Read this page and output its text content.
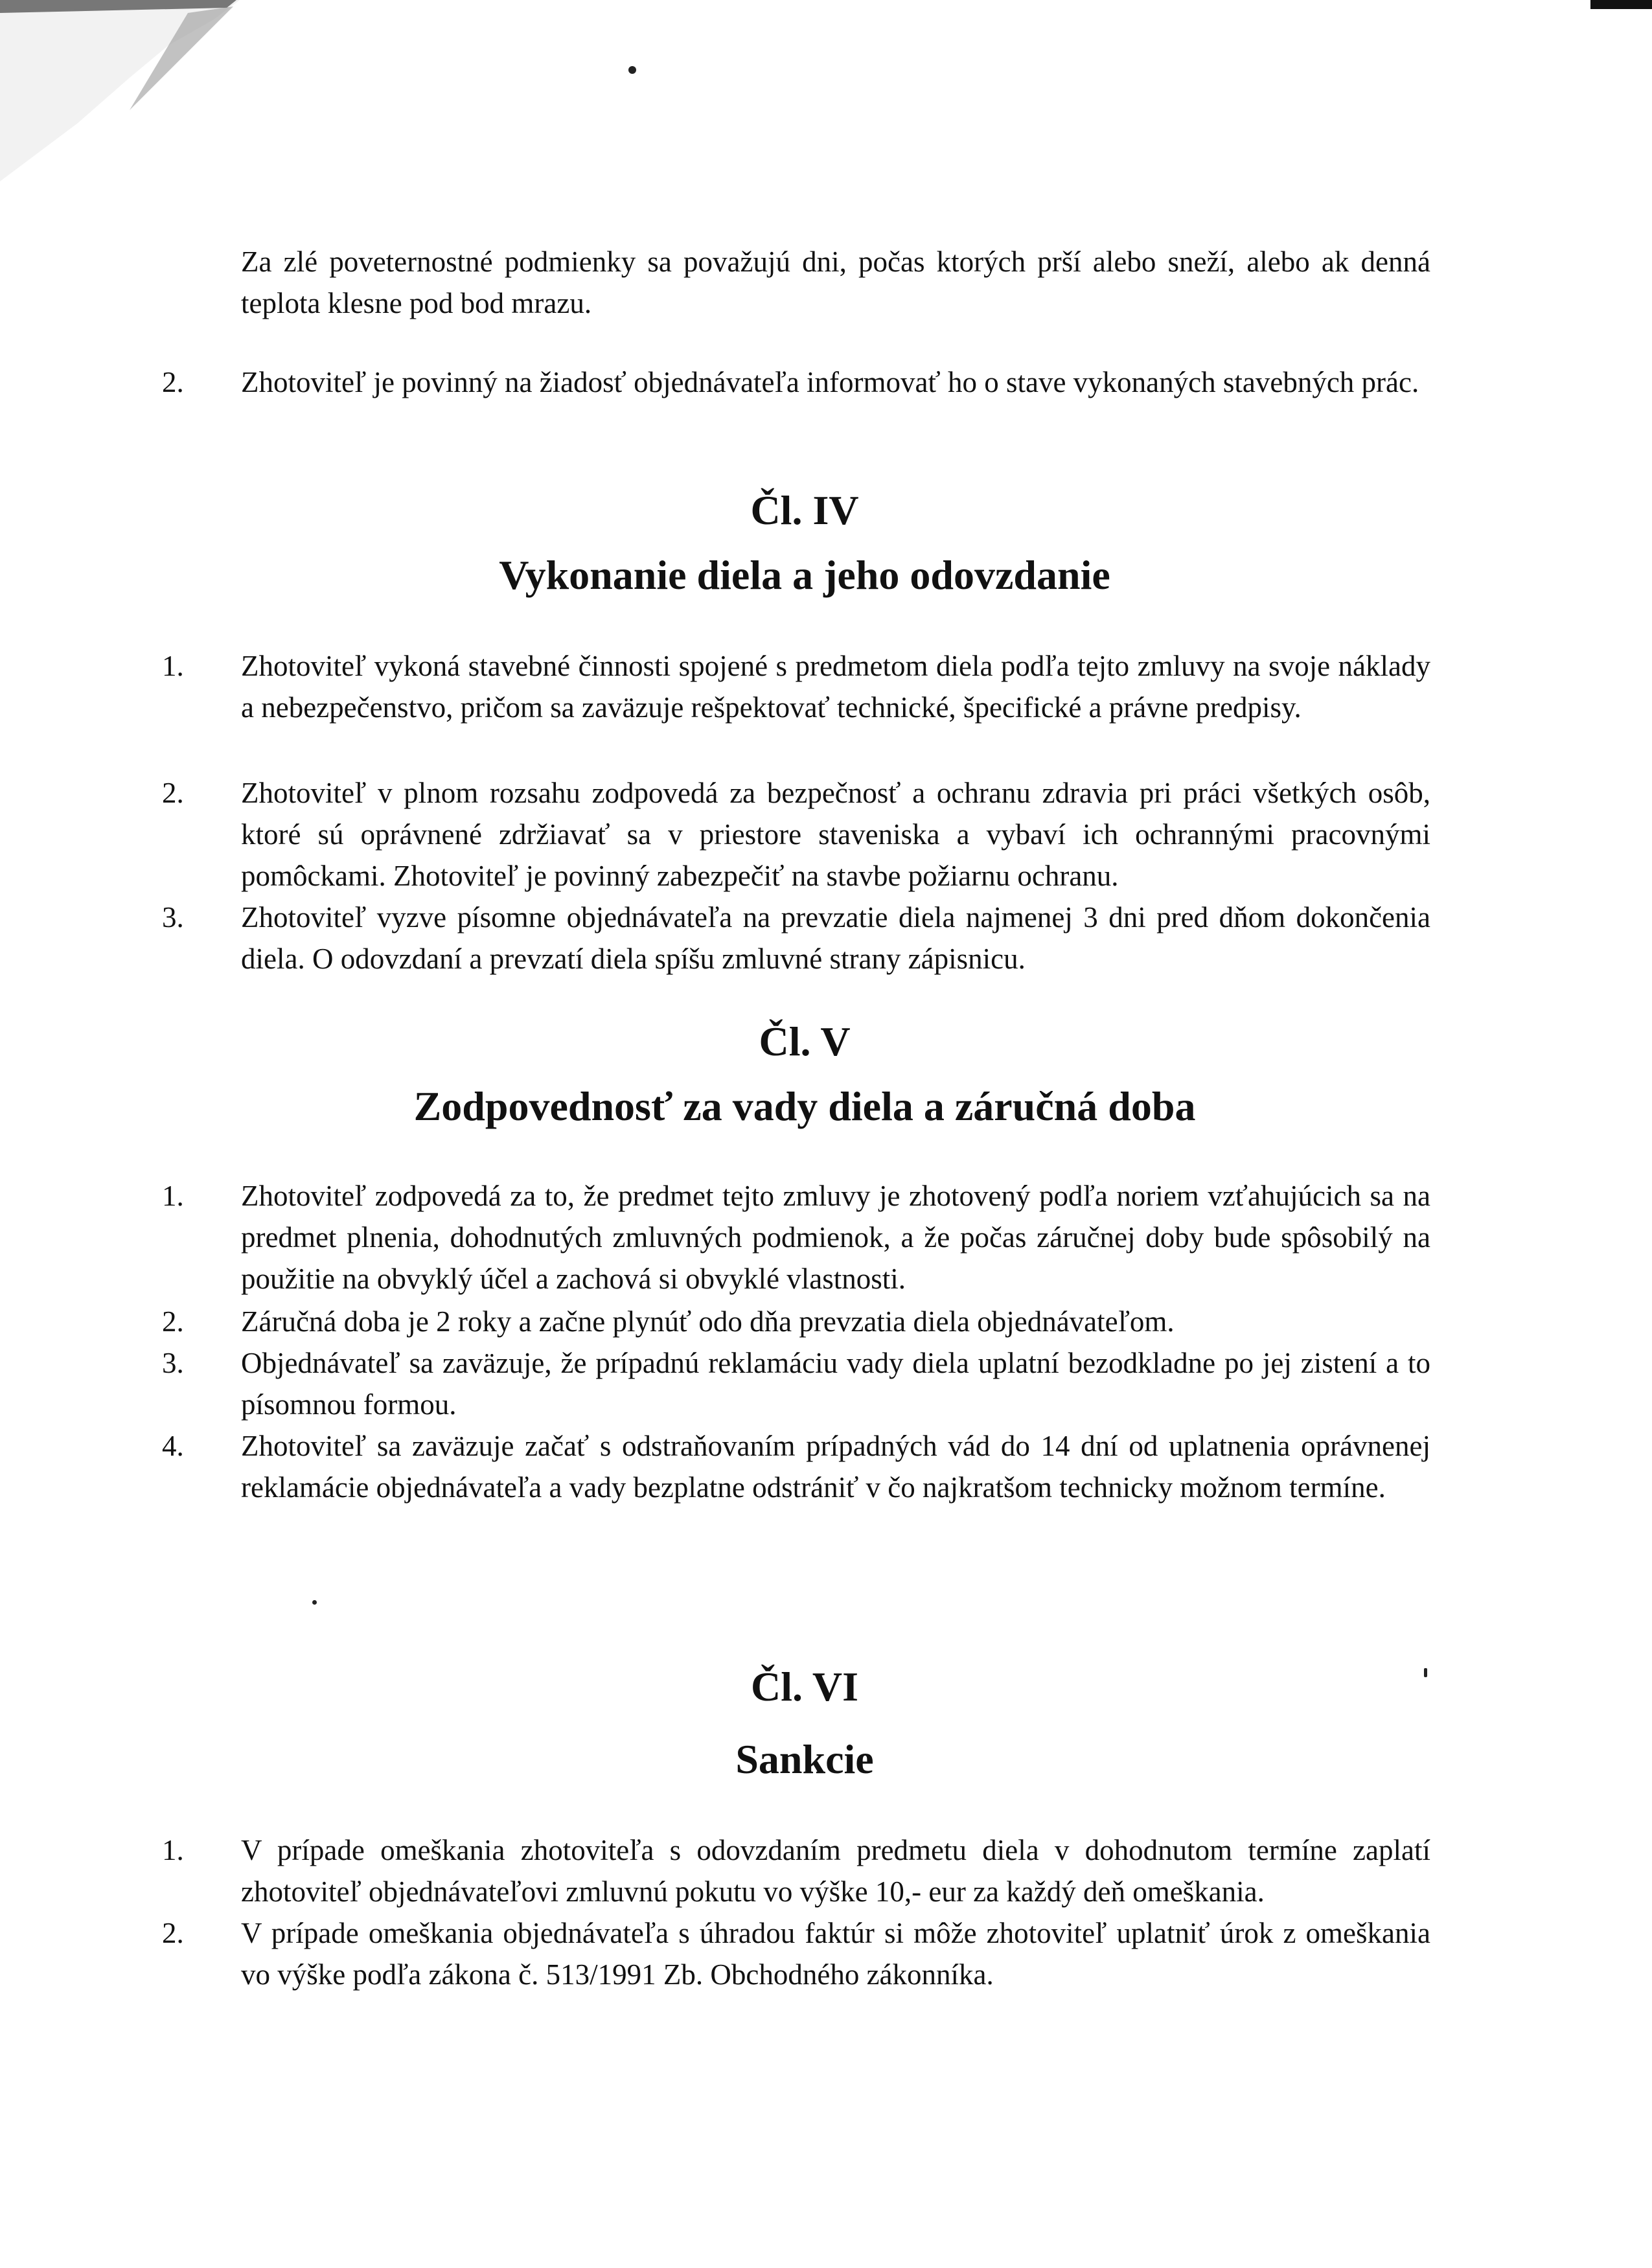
Za zlé poveternostné podmienky sa považujú dni, počas ktorých prší alebo sneží, alebo ak denná teplota klesne pod bod mrazu.
2.	Zhotoviteľ je povinný na žiadosť objednávateľa informovať ho o stave vykonaných stavebných prác.
Čl. IV
Vykonanie diela a jeho odovzdanie
1.	Zhotoviteľ vykoná stavebné činnosti spojené s predmetom diela podľa tejto zmluvy na svoje náklady a nebezpečenstvo, pričom sa zaväzuje rešpektovať technické, špecifické a právne predpisy.
2.	Zhotoviteľ v plnom rozsahu zodpovedá za bezpečnosť a ochranu zdravia pri práci všetkých osôb, ktoré sú oprávnené zdržiavať sa v priestore staveniska a vybaví ich ochrannými pracovnými pomôckami. Zhotoviteľ je povinný zabezpečiť na stavbe požiarnu ochranu.
3.	Zhotoviteľ vyzve písomne objednávateľa na prevzatie diela najmenej 3 dni pred dňom dokončenia diela. O odovzdaní a prevzatí diela spíšu zmluvné strany zápisnicu.
Čl. V
Zodpovednosť za vady diela a záručná doba
1.	Zhotoviteľ zodpovedá za to, že predmet tejto zmluvy je zhotovený podľa noriem vzťahujúcich sa na predmet plnenia, dohodnutých zmluvných podmienok, a že počas záručnej doby bude spôsobilý na použitie na obvyklý účel a zachová si obvyklé vlastnosti.
2.	Záručná doba je 2 roky a začne plynúť odo dňa prevzatia diela objednávateľom.
3.	Objednávateľ sa zaväzuje, že prípadnú reklamáciu vady diela uplatní bezodkladne po jej zistení a to písomnou formou.
4.	Zhotoviteľ sa zaväzuje začať s odstraňovaním prípadných vád do 14 dní od uplatnenia oprávnenej reklamácie objednávateľa a vady bezplatne odstrániť v čo najkratšom technicky možnom termíne.
Čl. VI
Sankcie
1.	V prípade omeškania zhotoviteľa s odovzdaním predmetu diela v dohodnutom termíne zaplatí zhotoviteľ objednávateľovi zmluvnú pokutu vo výške 10,- eur za každý deň omeškania.
2.	V prípade omeškania objednávateľa s úhradou faktúr si môže zhotoviteľ uplatniť úrok z omeškania vo výške podľa zákona č. 513/1991 Zb. Obchodného zákonníka.
